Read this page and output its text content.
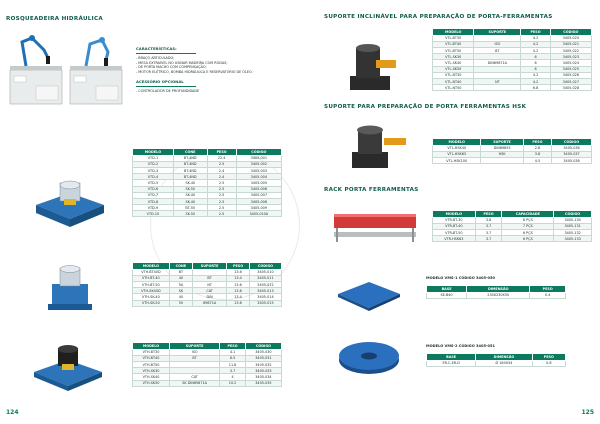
ROSQUEADEIRA HIDRÁULICA
CARACTERÍSTICAS:
- BRAÇO ARTICULADO;
- MESA EXTRAÍVEL NO USINAR MADEIRA COM RODAS;
- DE PORTA MACHO COM COMPENSAÇÃO;
- MOTOR ELÉTRICO, BOMBA HIDRÁULICA E RESERVATÓRIO DE ÓLEO.
ACESSÓRIO OPCIONAL
- CONTROLADOR DE PROFUNDIDADE
MODELO	CONE	PESO	CÓDIGO
VTD-1	BT-4ND	22.4	3405-001
VTD-2	BT-4ND	2.5	3405-002
VTD-3	BT-4ND	2.4	3405-003
VTD-4	BT-4ND	2.4	3405-004
VTD-5	SK-40	2.5	3405-005
VTD-6	SK-50	2.5	3405-006
VTD-7	SK-40	2.5	3405-007
VTD-8	SK-40	2.5	3405-008
VTD-9	BT-50	2.5	3405-009
VTD-10	SK-50	2.5	3405-010A
MODELO	CONE	SUPORTE	PESO	CÓDIGO
VTH-BT40D	BT		13.6	3405-010
VTH-BT-40	40	BT	13.4	3405-011
VTH-BT-50	50	NT	13.6	3405-012
VTH-SK40D	SK	CAT	13.6	3405-013
VTH-SK-40	40	DIN	13.4	3405-014
VTH-SK-50	50	69871A	13.6	3405-015
MODELO	SUPORTE	PESO	CÓDIGO
VTH-BT30	ISO	4.1	3405-030
VTH-BT40	BT	6.5	3405-031
VTH-BT50		11.8	3405-032
VTH-SK30		3.7	3405-033
VTH-SK40	CAT	4	3405-034
VTH-SK50	SK DIN69871A	10.2	3405-035
124
SUPORTE INCLINÁVEL PARA PREPARAÇÃO DE PORTA-FERRAMENTAS
MODELO	SUPORTE	PESO	CÓDIGO
VTL-BT30		4.2	3405-020
VTL-BT40	ISO	4.2	3405-021
VTL-BT50	BT	4.2	3405-022
VTL-SK30		6	3405-023
VTL-SK40	DIN69871A	6	3405-024
VTL-SK50		6	3405-025
VTL-NT30		4.2	3405-026
VTL-NT40	NT	4.2	3405-027
VTL-NT50		6.8	3405-028
SUPORTE PARA PREPARAÇÃO DE PORTA FERRAMENTAS HSK
MODELO	SUPORTE	PESO	CÓDIGO
VTL-HSK40	DIN69893	2.8	3405-036
VTL-HSK63	HSK	3.8	3405-037
VTL-HSK100		4.5	3405-038
RACK PORTA FERRAMENTAS
MODELO	PESO	CAPACIDADE	CÓDIGO
VTR-BT-30	3.8	8 PÇS	3405-130
VTR-BT-40	3.7	7 PÇS	3405-131
VTR-BT-50	3.7	6 PÇS	3405-132
VTR-HSK63	3.7	6 PÇS	3405-133
MODELO VMS-1 CÓDIGO 3405-050
BASE	DIMENSÃO	PESO
SE-B40	230X230X50	0.4
MODELO VMS-2 CÓDIGO 3405-051
BASE	DIMENSÃO	PESO
ER-C-ER-D	Ø 160X54	0.8
125
